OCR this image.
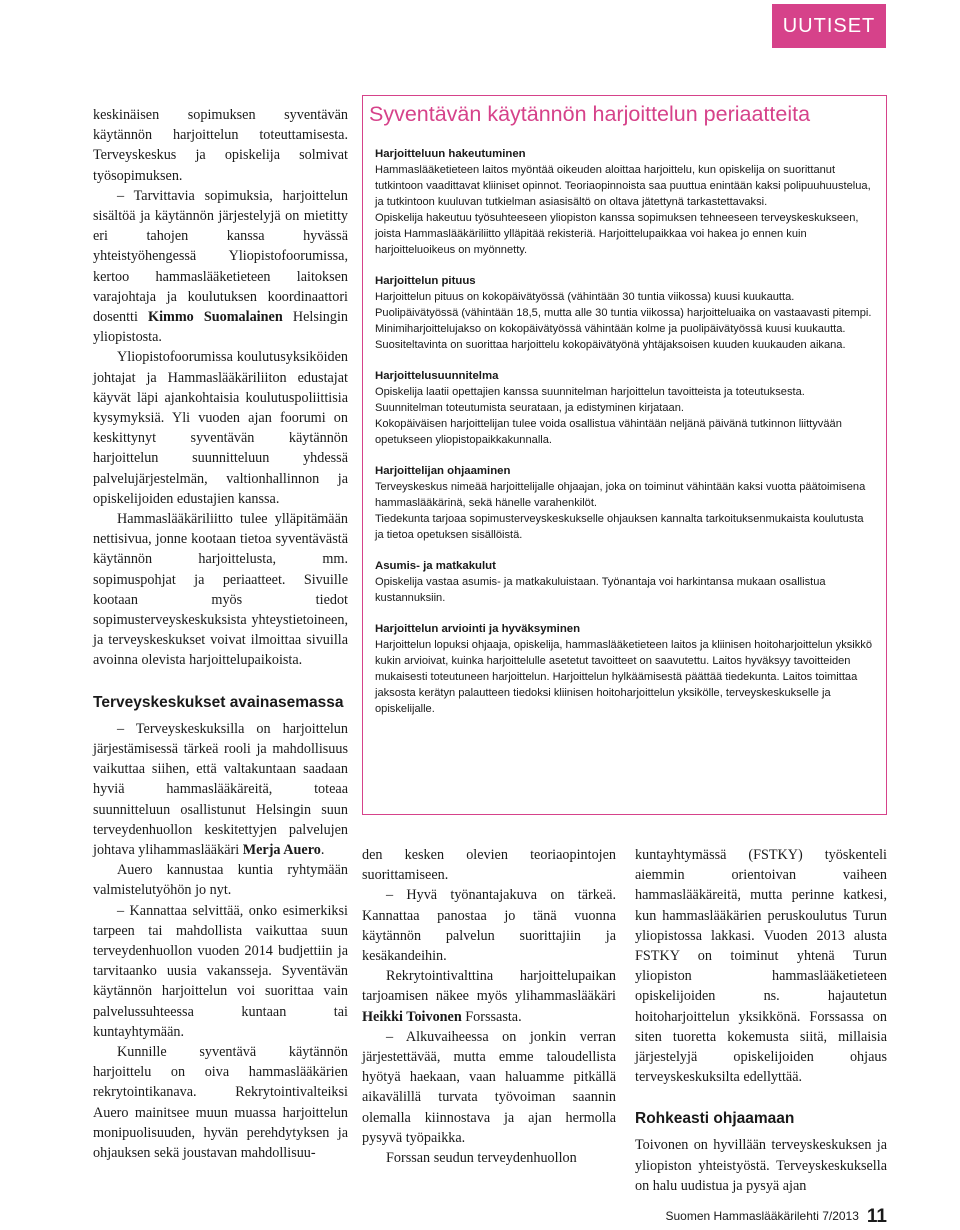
UUTISET

keskinäisen sopimuksen syventävän käytännön harjoittelun toteuttamisesta. Terveyskeskus ja opiskelija solmivat työsopimuksen.

– Tarvittavia sopimuksia, harjoittelun sisältöä ja käytännön järjestelyjä on mietitty eri tahojen kanssa hyvässä yhteistyöhengessä Yliopistofoorumissa, kertoo hammaslääketieteen laitoksen varajohtaja ja koulutuksen koordinaattori dosentti Kimmo Suomalainen Helsingin yliopistosta.

Yliopistofoorumissa koulutusyksiköiden johtajat ja Hammaslääkäriliiton edustajat käyvät läpi ajankohtaisia koulutuspoliittisia kysymyksiä. Yli vuoden ajan foorumi on keskittynyt syventävän käytännön harjoittelun suunnitteluun yhdessä palvelujärjestelmän, valtionhallinnon ja opiskelijoiden edustajien kanssa.

Hammaslääkäriliitto tulee ylläpitämään nettisivua, jonne kootaan tietoa syventävästä käytännön harjoittelusta, mm. sopimuspohjat ja periaatteet. Sivuille kootaan myös tiedot sopimusterveyskeskuksista yhteystietoineen, ja terveyskeskukset voivat ilmoittaa sivuilla avoinna olevista harjoittelupaikoista.

Terveyskeskukset avainasemassa

– Terveyskeskuksilla on harjoittelun järjestämisessä tärkeä rooli ja mahdollisuus vaikuttaa siihen, että valtakuntaan saadaan hyviä hammaslääkäreitä, toteaa suunnitteluun osallistunut Helsingin suun terveydenhuollon keskitettyjen palvelujen johtava ylihammaslääkäri Merja Auero.

Auero kannustaa kuntia ryhtymään valmistelutyöhön jo nyt.

– Kannattaa selvittää, onko esimerkiksi tarpeen tai mahdollista vaikuttaa suun terveydenhuollon vuoden 2014 budjettiin ja tarvitaanko uusia vakansseja. Syventävän käytännön harjoittelun voi suorittaa vain palvelussuhteessa kuntaan tai kuntayhtymään.

Kunnille syventävä käytännön harjoittelu on oiva hammaslääkärien rekrytointikanava. Rekrytointivalteiksi Auero mainitsee muun muassa harjoittelun monipuolisuuden, hyvän perehdytyksen ja ohjauksen sekä joustavan mahdollisuu-

Syventävän käytännön harjoittelun periaatteita
Harjoitteluun hakeutuminen

Hammaslääketieteen laitos myöntää oikeuden aloittaa harjoittelu, kun opiskelija on suorittanut tutkintoon vaadittavat kliiniset opinnot. Teoriaopinnoista saa puuttua enintään kaksi polipuuhuustelua, ja tutkintoon kuuluvan tutkielman asiasisältö on oltava jätettynä tarkastettavaksi.

Opiskelija hakeutuu työsuhteeseen yliopiston kanssa sopimuksen tehneeseen terveyskeskukseen, joista Hammaslääkäriliitto ylläpitää rekisteriä. Harjoittelupaikkaa voi hakea jo ennen kuin harjoitteluoikeus on myönnetty.

Harjoittelun pituus

Harjoittelun pituus on kokopäivätyössä (vähintään 30 tuntia viikossa) kuusi kuukautta. Puolipäivätyössä (vähintään 18,5, mutta alle 30 tuntia viikossa) harjoitteluaika on vastaavasti pitempi.

Minimiharjoittelujakso on kokopäivätyössä vähintään kolme ja puolipäivätyössä kuusi kuukautta. Suositeltavinta on suorittaa harjoittelu kokopäivätyönä yhtäjaksoisen kuuden kuukauden aikana.

Harjoittelusuunnitelma

Opiskelija laatii opettajien kanssa suunnitelman harjoittelun tavoitteista ja toteutuksesta. Suunnitelman toteutumista seurataan, ja edistyminen kirjataan.

Kokopäiväisen harjoittelijan tulee voida osallistua vähintään neljänä päivänä tutkinnon liittyvään opetukseen yliopistopaikkakunnalla.

Harjoittelijan ohjaaminen

Terveyskeskus nimeää harjoittelijalle ohjaajan, joka on toiminut vähintään kaksi vuotta päätoimisena hammaslääkärinä, sekä hänelle varahenkilöt.

Tiedekunta tarjoaa sopimusterveyskeskukselle ohjauksen kannalta tarkoituksenmukaista koulutusta ja tietoa opetuksen sisällöistä.

Asumis- ja matkakulut

Opiskelija vastaa asumis- ja matkakuluistaan. Työnantaja voi harkintansa mukaan osallistua kustannuksiin.

Harjoittelun arviointi ja hyväksyminen

Harjoittelun lopuksi ohjaaja, opiskelija, hammaslääketieteen laitos ja kliinisen hoitoharjoittelun yksikkö kukin arvioivat, kuinka harjoittelulle asetetut tavoitteet on saavutettu. Laitos hyväksyy tavoitteiden mukaisesti toteutuneen harjoittelun. Harjoittelun hylkäämisestä päättää tiedekunta. Laitos toimittaa jaksosta kerätyn palautteen tiedoksi kliinisen hoitoharjoittelun yksikölle, terveyskeskukselle ja opiskelijalle.

den kesken olevien teoriaopintojen suorittamiseen.

– Hyvä työnantajakuva on tärkeä. Kannattaa panostaa jo tänä vuonna käytännön palvelun suorittajiin ja kesäkandeihin.

Rekrytointivalttina harjoittelupaikan tarjoamisen näkee myös ylihammaslääkäri Heikki Toivonen Forssasta.

– Alkuvaiheessa on jonkin verran järjestettävää, mutta emme taloudellista hyötyä haekaan, vaan haluamme pitkällä aikavälillä turvata työvoiman saannin olemalla kiinnostava ja ajan hermolla pysyvä työpaikka.

Forssan seudun terveydenhuollon

kuntayhtymässä (FSTKY) työskenteli aiemmin orientoivan vaiheen hammaslääkäreitä, mutta perinne katkesi, kun hammaslääkärien peruskoulutus Turun yliopistossa lakkasi. Vuoden 2013 alusta FSTKY on toiminut yhtenä Turun yliopiston hammaslääketieteen opiskelijoiden ns. hajautetun hoitoharjoittelun yksikkönä. Forssassa on siten tuoretta kokemusta siitä, millaisia järjestelyjä opiskelijoiden ohjaus terveyskeskuksilta edellyttää.

Rohkeasti ohjaamaan

Toivonen on hyvillään terveyskeskuksen ja yliopiston yhteistyöstä. Terveyskeskuksella on halu uudistua ja pysyä ajan

Suomen Hammaslääkärilehti 7/2013 11
